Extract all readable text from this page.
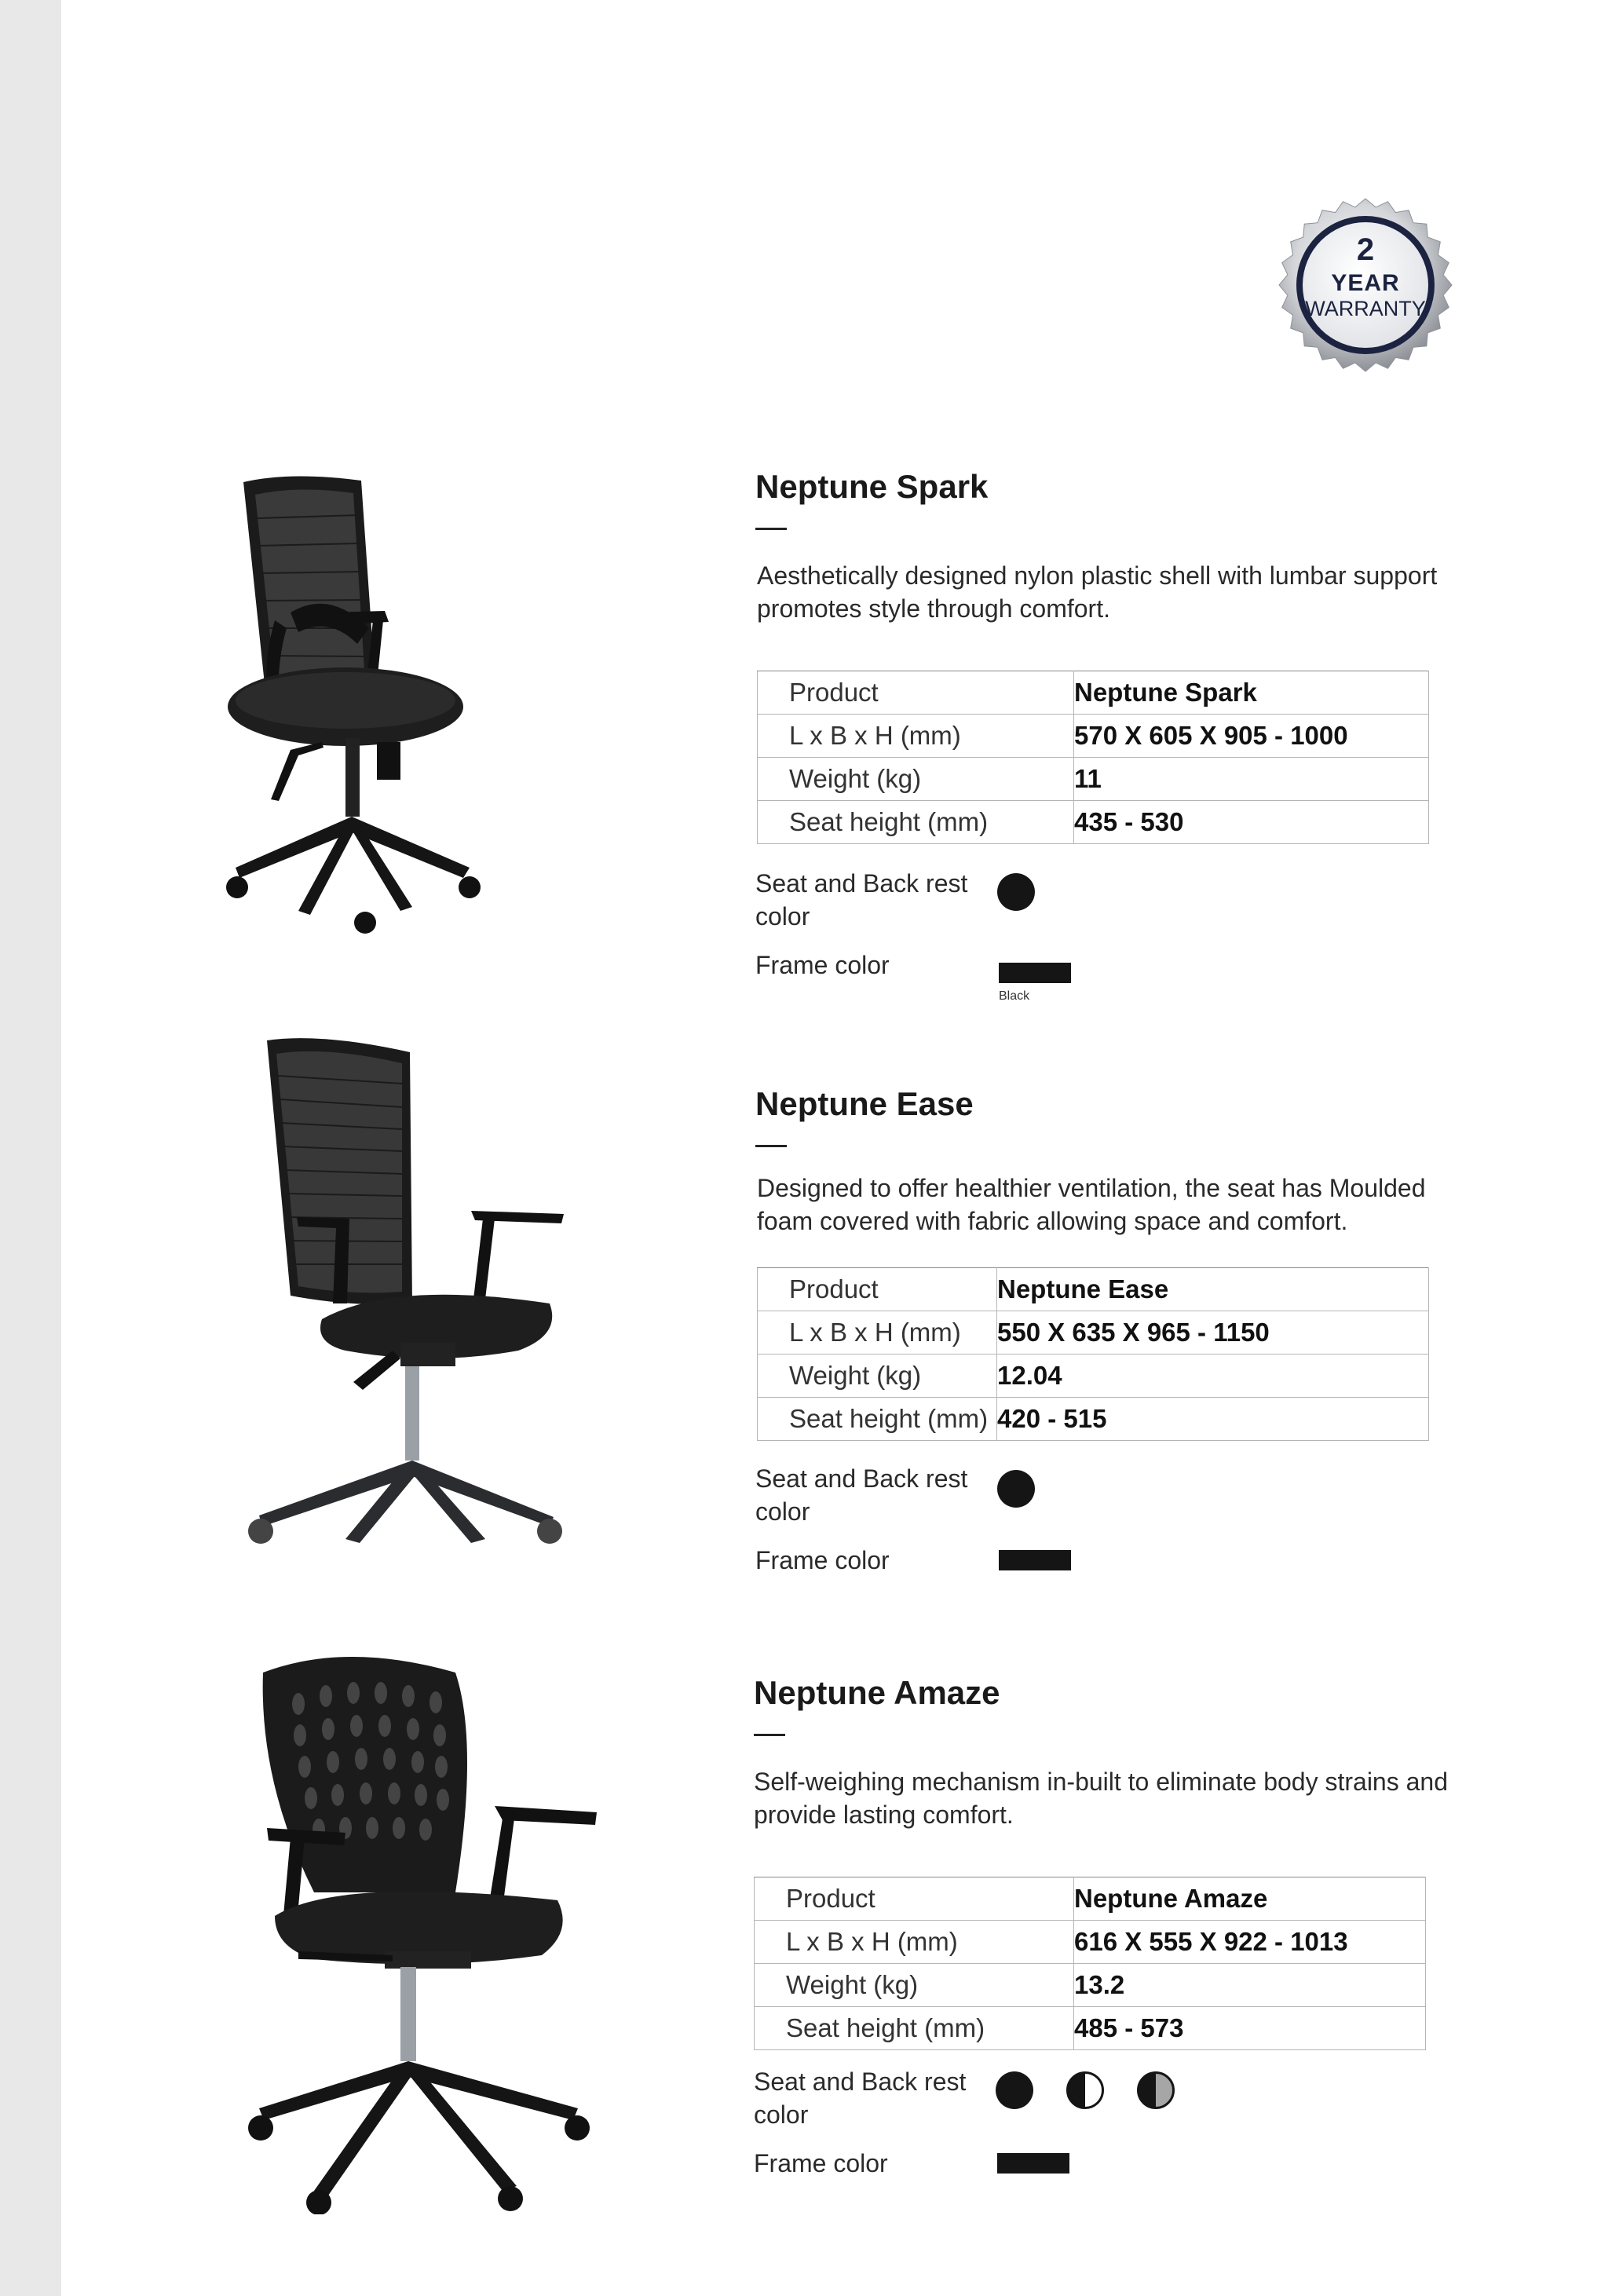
2
YEAR
WARRANTY
Neptune Spark
Aesthetically designed nylon plastic shell with lumbar support promotes style through comfort.
Product	Neptune Spark
L x B x H (mm)	570 X 605 X 905 - 1000
Weight (kg)	11
Seat height (mm)	435 - 530
Seat and Back rest color
Frame color
Black
Neptune Ease
Designed to offer healthier ventilation, the seat has Moulded foam covered with fabric allowing space and comfort.
Product	Neptune Ease
L x B x H (mm)	550 X 635 X 965 - 1150
Weight (kg)	12.04
Seat height (mm)	420 - 515
Seat and Back rest color
Frame color
Neptune Amaze
Self-weighing mechanism in-built to eliminate body strains and provide lasting comfort.
Product	Neptune Amaze
L x B x H (mm)	616 X 555 X 922 - 1013
Weight (kg)	13.2
Seat height (mm)	485 - 573
Seat and Back rest color
Frame color
